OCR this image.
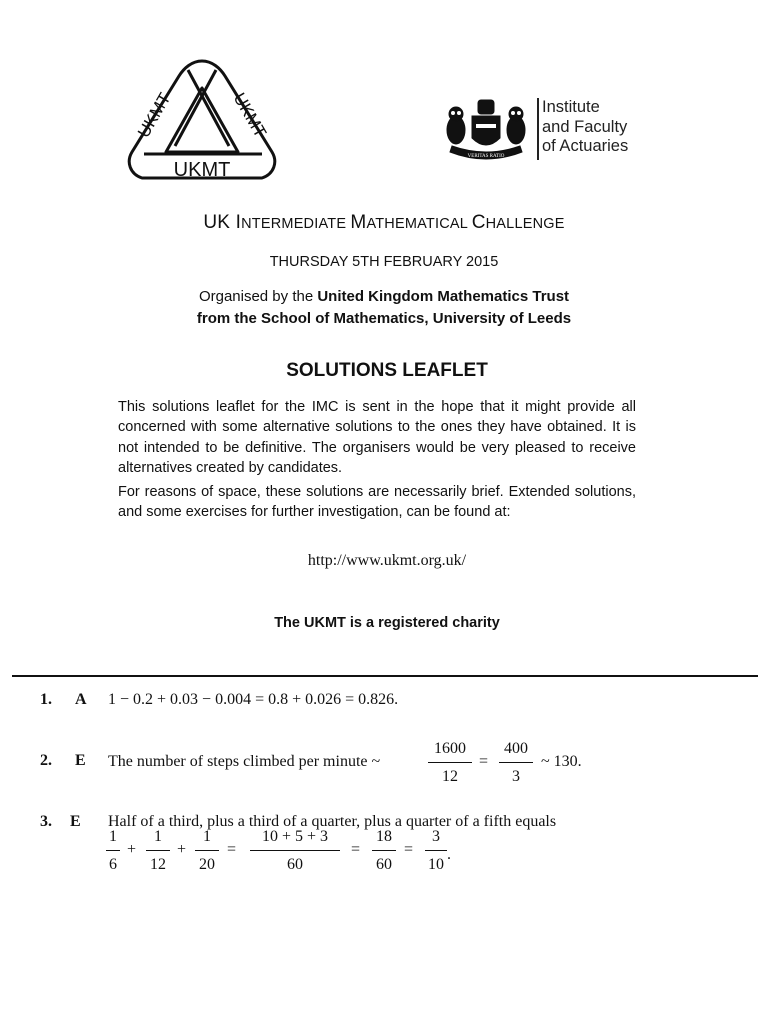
UKMT
UKMT	UKMT
VERITAS RATIO
Institute
and Faculty
of Actuaries
UK INTERMEDIATE MATHEMATICAL CHALLENGE
THURSDAY 5TH FEBRUARY 2015
Organised by the United Kingdom Mathematics Trust
from the School of Mathematics, University of Leeds
SOLUTIONS LEAFLET
This solutions leaflet for the IMC is sent in the hope that it might provide all concerned with some alternative solutions to the ones they have obtained. It is not intended to be definitive. The organisers would be very pleased to receive alternatives created by candidates.
For reasons of space, these solutions are necessarily brief. Extended solutions, and some exercises for further investigation, can be found at:
http://www.ukmt.org.uk/
The UKMT is a registered charity
1. A 1 − 0.2 + 0.03 − 0.004 = 0.8 + 0.026 = 0.826.
2. E The number of steps climbed per minute ~
1600
12
=
400
3
~ 130.
3. E Half of a third, plus a third of a quarter, plus a quarter of a fifth equals
1
6
+
1
12
+
1
20
=
10 + 5 + 3
60
=
18
60
=
3
10
.
